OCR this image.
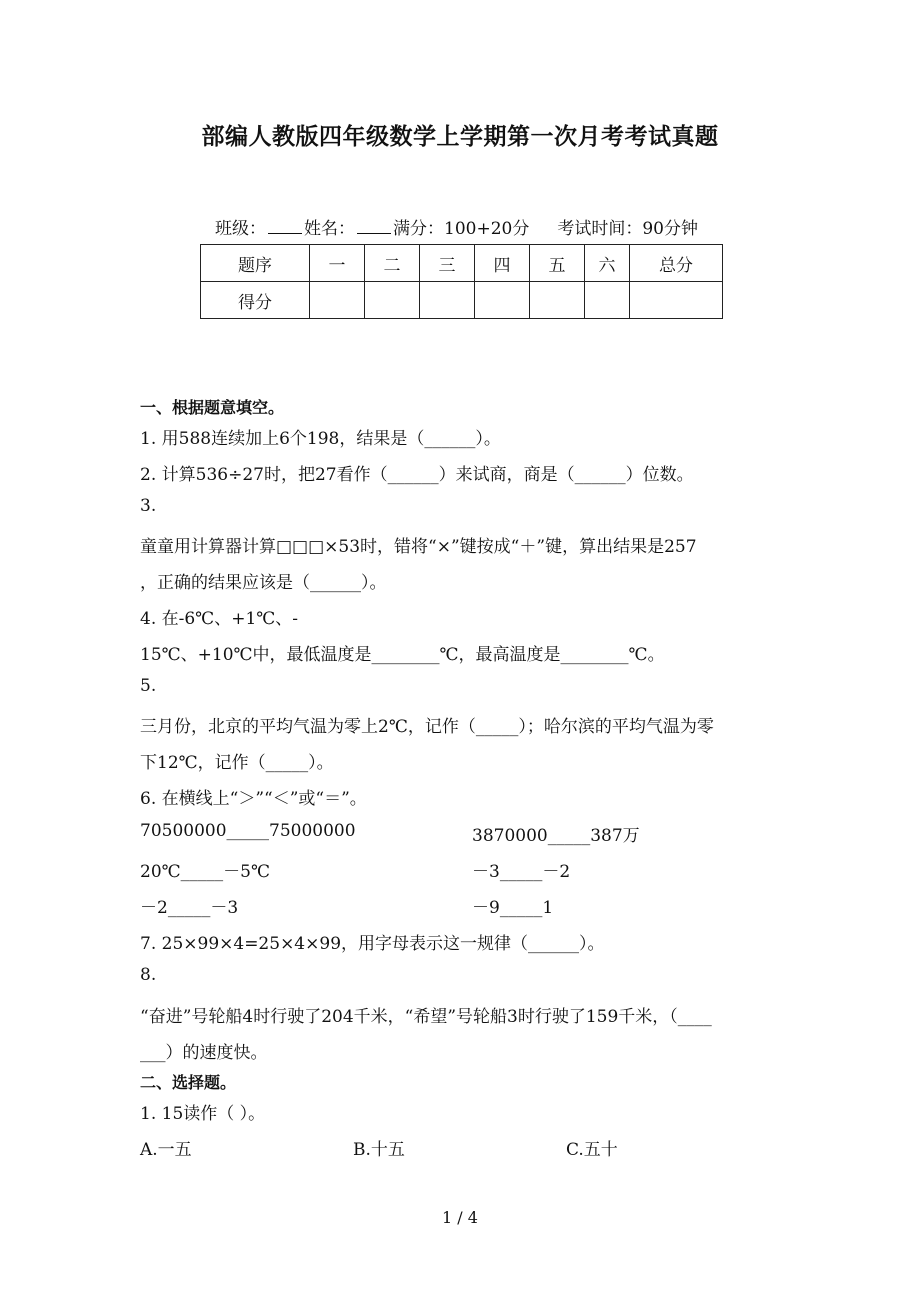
部编人教版四年级数学上学期第一次月考考试真题
班级： 姓名： 满分：100+20分 考试时间：90分钟
题序	一	二	三	四	五	六	总分
得分							
一、根据题意填空。
1. 用588连续加上6个198，结果是（______）。
2. 计算536÷27时，把27看作（______）来试商，商是（______）位数。
3.
童童用计算器计算□□□×53时，错将“×”键按成“＋”键，算出结果是257
，正确的结果应该是（______）。
4. 在-6℃、+1℃、-
15℃、+10℃中，最低温度是________℃，最高温度是________℃。
5.
三月份，北京的平均气温为零上2℃，记作（_____）；哈尔滨的平均气温为零
下12℃，记作（_____）。
6. 在横线上“＞”“＜”或“＝”。
70500000_____75000000	3870000_____387万
20℃_____－5℃	－3_____－2
－2_____－3	－9_____1
7. 25×99×4=25×4×99，用字母表示这一规律（______）。
8.
“奋进”号轮船4时行驶了204千米，“希望”号轮船3时行驶了159千米，（____
___）的速度快。
二、选择题。
1. 15读作（ ）。
A.一五	B.十五	C.五十
1 / 4
